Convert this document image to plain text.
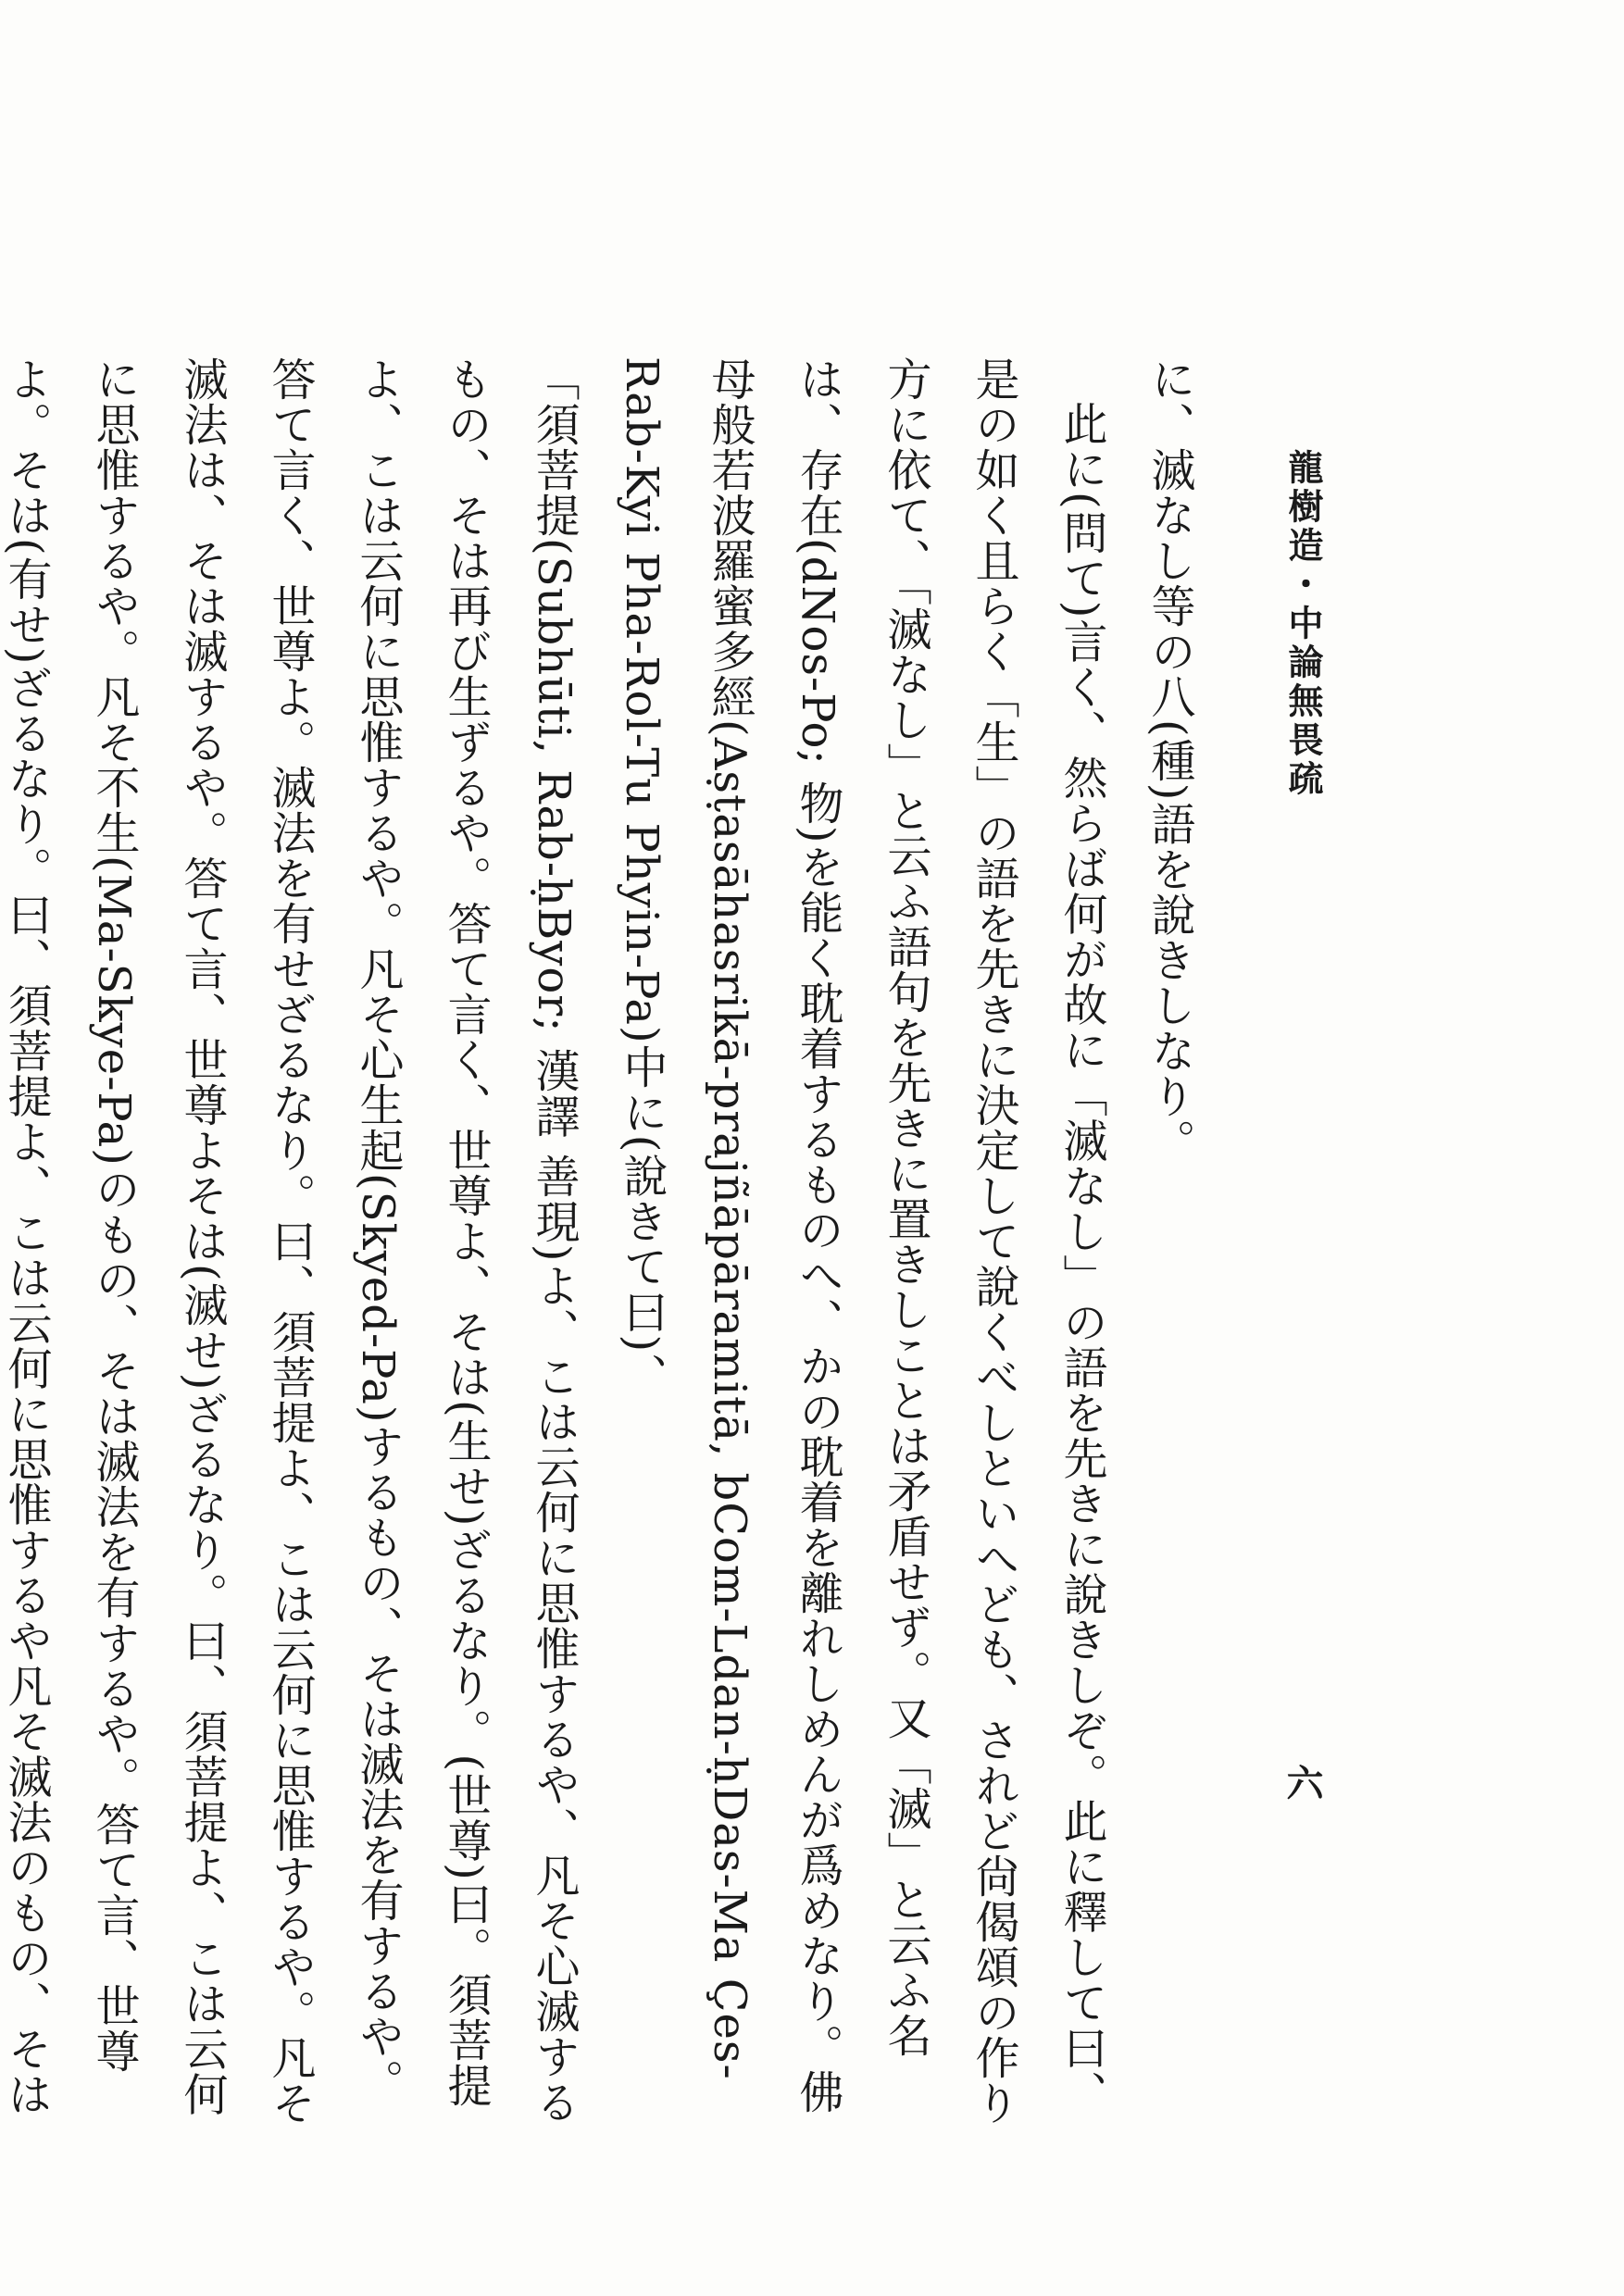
龍樹造・中論無畏疏
六

に、滅なし等の八(種)語を說きしなり。

此に(問て)言く、然らば何が故に「滅なし」の語を先きに說きしぞ。此に釋して曰、是の如く且らく「生」の語を先きに決定して說くべしといへども、されど尙偈頌の作り方に依て、「滅なし」と云ふ語句を先きに置きしことは矛盾せず。又「滅」と云ふ名は、存在(dNos-Po; 物)を能く耽着するものへ、かの耽着を離れしめんが爲めなり。佛母般若波羅蜜多經(Aṣṭasāhasrikā-prajñāpāramitā, bCom-Ldan-ḥDas-Ma Çes-Rab-Kyi Pha-Rol-Tu Phyin-Pa)中に(說きて曰)、

「須菩提(Subhūti, Rab-ḥByor; 漢譯 善現)よ、こは云何に思惟するや、凡そ心滅するもの、そは再び生ずるや。答て言く、世尊よ、そは(生せ)ざるなり。(世尊)曰。須菩提よ、こは云何に思惟するや。凡そ心生起(Skyed-Pa)するもの、そは滅法を有するや。答て言く、世尊よ。滅法を有せざるなり。曰、須菩提よ、こは云何に思惟するや。凡そ滅法は、そは滅するや。答て言、世尊よそは(滅せ)ざるなり。曰、須菩提よ、こは云何に思惟するや。凡そ不生(Ma-Skye-Pa)のもの、そは滅法を有するや。答て言、世尊よ。そは(有せ)ざるなり。曰、須菩提よ、こは云何に思惟するや凡そ滅法のもの、そは
